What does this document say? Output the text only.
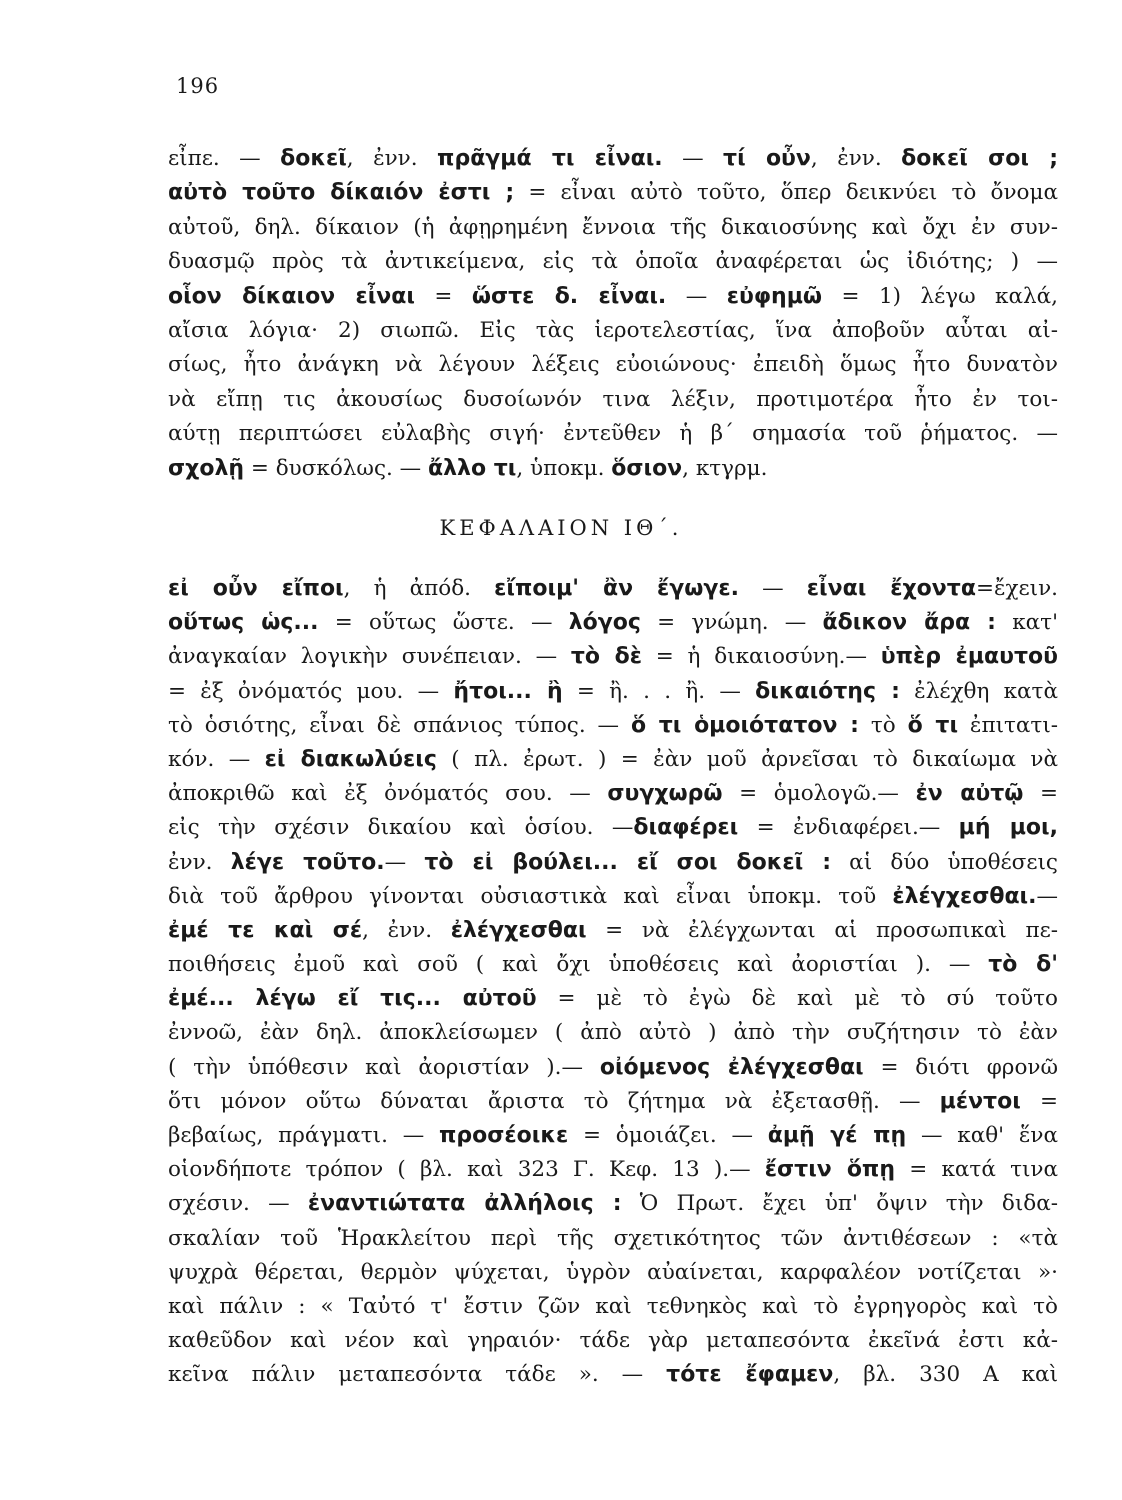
196
εἶπε. — δοκεῖ, ἐνν. πρᾶγμά τι εἶναι. — τί οὖν, ἐνν. δοκεῖ σοι ;
αὐτὸ τοῦτο δίκαιόν ἐστι ; = εἶναι αὐτὸ τοῦτο, ὅπερ δεικνύει τὸ ὄνομα
αὐτοῦ, δηλ. δίκαιον (ἡ ἀφῃρημένη ἔννοια τῆς δικαιοσύνης καὶ ὄχι ἐν συν-
δυασμῷ πρὸς τὰ ἀντικείμενα, εἰς τὰ ὁποῖα ἀναφέρεται ὡς ἰδιότης; ) —
οἷον δίκαιον εἶναι = ὥστε δ. εἶναι. — εὐφημῶ = 1) λέγω καλά,
αἴσια λόγια· 2) σιωπῶ. Εἰς τὰς ἱεροτελεστίας, ἵνα ἀποβοῦν αὗται αἰ-
σίως, ἦτο ἀνάγκη νὰ λέγουν λέξεις εὐοιώνους· ἐπειδὴ ὅμως ἦτο δυνατὸν
νὰ εἴπῃ τις ἀκουσίως δυσοίωνόν τινα λέξιν, προτιμοτέρα ἦτο ἐν τοι-
αύτῃ περιπτώσει εὐλαβὴς σιγή· ἐντεῦθεν ἡ β΄ σημασία τοῦ ῥήματος. —
σχολῇ = δυσκόλως. — ἄλλο τι, ὑποκμ. ὅσιον, κτγρμ.
ΚΕΦΑΛΑΙΟΝ ΙΘ΄.
εἰ οὖν εἴποι, ἡ ἀπόδ. εἴποιμ' ἂν ἔγωγε. — εἶναι ἔχοντα=ἔχειν.
οὕτως ὡς... = οὕτως ὥστε. — λόγος = γνώμη. — ἄδικον ἄρα : κατ'
ἀναγκαίαν λογικὴν συνέπειαν. — τὸ δὲ = ἡ δικαιοσύνη.— ὑπὲρ ἐμαυτοῦ
= ἐξ ὀνόματός μου. — ἤτοι... ἢ = ἢ. . . ἢ. — δικαιότης : ἐλέχθη κατὰ
τὸ ὁσιότης, εἶναι δὲ σπάνιος τύπος. — ὅ τι ὁμοιότατον : τὸ ὅ τι ἐπιτατι-
κόν. — εἰ διακωλύεις ( πλ. ἐρωτ. ) = ἐὰν μοῦ ἀρνεῖσαι τὸ δικαίωμα νὰ
ἀποκριθῶ καὶ ἐξ ὀνόματός σου. — συγχωρῶ = ὁμολογῶ.— ἐν αὐτῷ =
εἰς τὴν σχέσιν δικαίου καὶ ὁσίου. —διαφέρει = ἐνδιαφέρει.— μή μοι,
ἐνν. λέγε τοῦτο.— τὸ εἰ βούλει... εἴ σοι δοκεῖ : αἱ δύο ὑποθέσεις
διὰ τοῦ ἄρθρου γίνονται οὐσιαστικὰ καὶ εἶναι ὑποκμ. τοῦ ἐλέγχεσθαι.—
ἐμέ τε καὶ σέ, ἐνν. ἐλέγχεσθαι = νὰ ἐλέγχωνται αἱ προσωπικαὶ πε-
ποιθήσεις ἐμοῦ καὶ σοῦ ( καὶ ὄχι ὑποθέσεις καὶ ἀοριστίαι ). — τὸ δ'
ἐμέ... λέγω εἴ τις... αὐτοῦ = μὲ τὸ ἐγὼ δὲ καὶ μὲ τὸ σύ τοῦτο
ἐννοῶ, ἐὰν δηλ. ἀποκλείσωμεν ( ἀπὸ αὐτὸ ) ἀπὸ τὴν συζήτησιν τὸ ἐὰν
( τὴν ὑπόθεσιν καὶ ἀοριστίαν ).— οἰόμενος ἐλέγχεσθαι = διότι φρονῶ
ὅτι μόνον οὕτω δύναται ἄριστα τὸ ζήτημα νὰ ἐξετασθῇ. — μέντοι =
βεβαίως, πράγματι. — προσέοικε = ὁμοιάζει. — ἀμῇ γέ πῃ — καθ' ἕνα
οἱονδήποτε τρόπον ( βλ. καὶ 323 Γ. Κεφ. 13 ).— ἔστιν ὅπῃ = κατά τινα
σχέσιν. — ἐναντιώτατα ἀλλήλοις : Ὁ Πρωτ. ἔχει ὑπ' ὄψιν τὴν διδα-
σκαλίαν τοῦ Ἡρακλείτου περὶ τῆς σχετικότητος τῶν ἀντιθέσεων : «τὰ
ψυχρὰ θέρεται, θερμὸν ψύχεται, ὑγρὸν αὐαίνεται, καρφαλέον νοτίζεται »·
καὶ πάλιν : « Ταὐτό τ' ἔστιν ζῶν καὶ τεθνηκὸς καὶ τὸ ἐγρηγορὸς καὶ τὸ
καθεῦδον καὶ νέον καὶ γηραιόν· τάδε γὰρ μεταπεσόντα ἐκεῖνά ἐστι κἀ-
κεῖνα πάλιν μεταπεσόντα τάδε ». — τότε ἔφαμεν, βλ. 330 Α καὶ
